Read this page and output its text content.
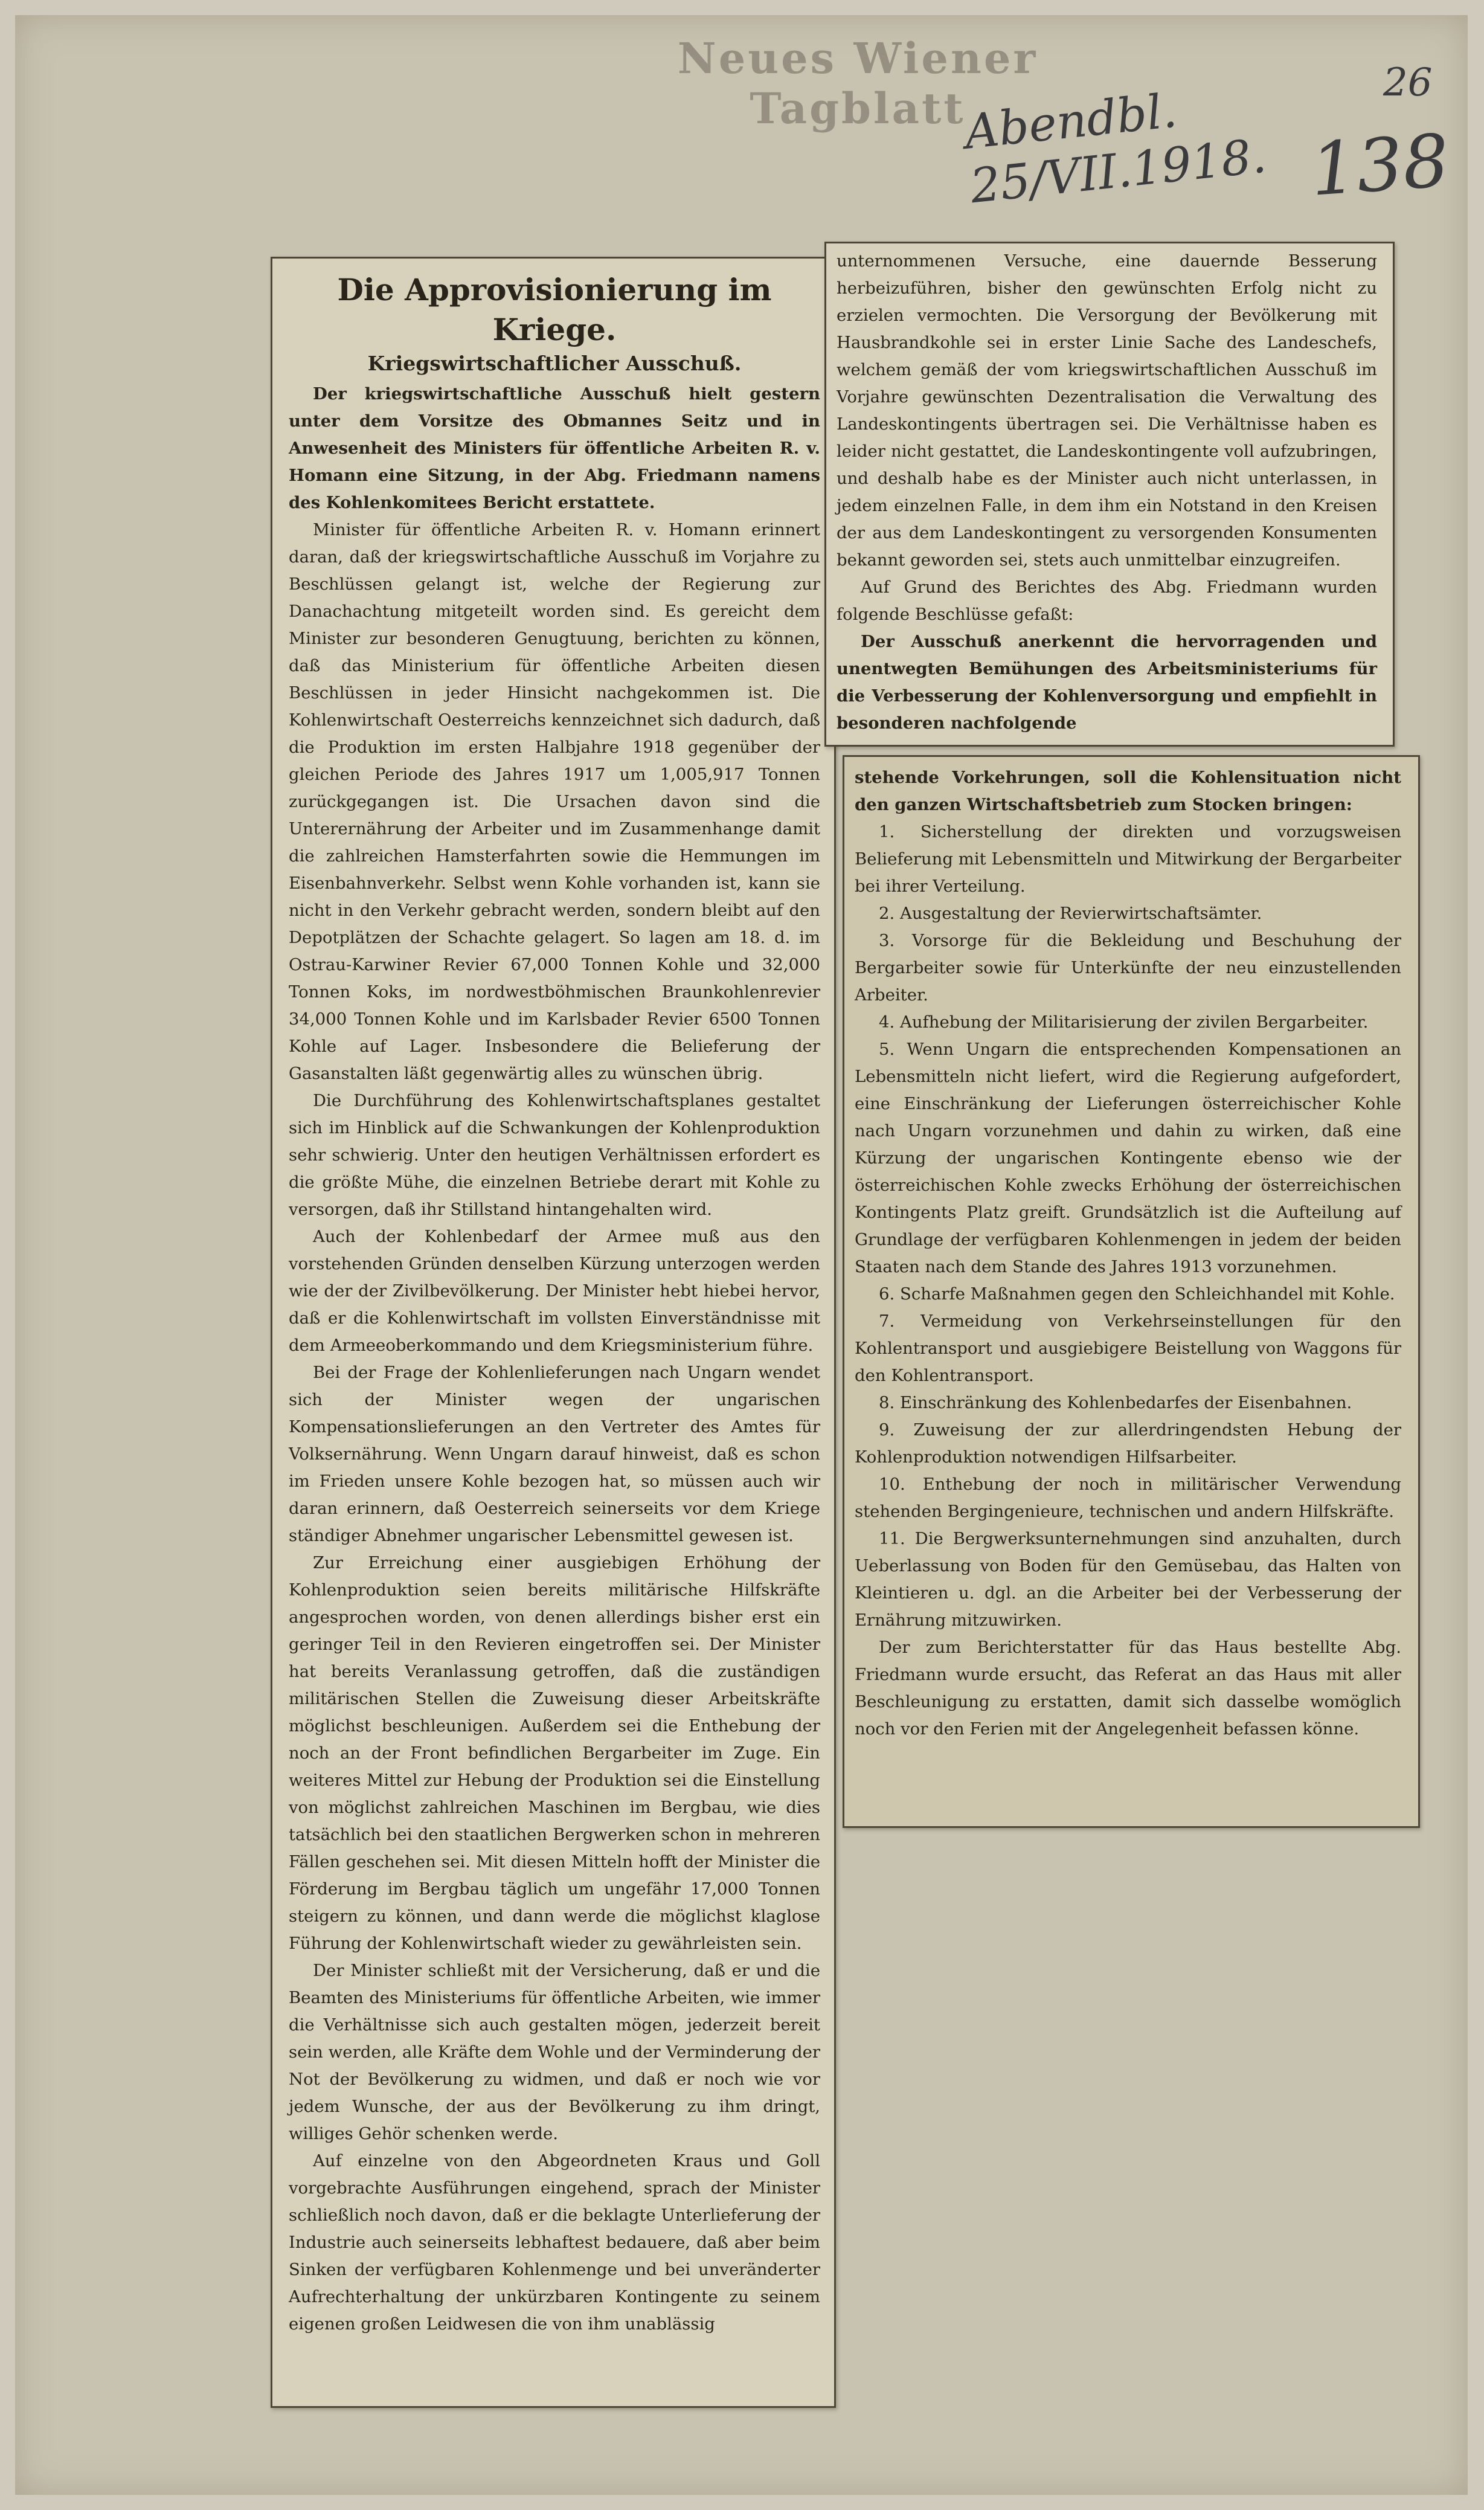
Neues Wiener Tagblatt
Abendbl. 25/VII.1918.
26
138
Die Approvisionierung im Kriege.
Kriegswirtschaftlicher Ausschuß.

Der kriegswirtschaftliche Ausschuß hielt gestern unter dem Vorsitze des Obmannes Seitz und in Anwesenheit des Ministers für öffentliche Arbeiten R. v. Homann eine Sitzung, in der Abg. Friedmann namens des Kohlenkomitees Bericht erstattete.

Minister für öffentliche Arbeiten R. v. Homann erinnert daran, daß der kriegswirtschaftliche Ausschuß im Vorjahre zu Beschlüssen gelangt ist, welche der Regierung zur Danachachtung mitgeteilt worden sind. Es gereicht dem Minister zur besonderen Genugtuung, berichten zu können, daß das Ministerium für öffentliche Arbeiten diesen Beschlüssen in jeder Hinsicht nachgekommen ist. Die Kohlenwirtschaft Oesterreichs kennzeichnet sich dadurch, daß die Produktion im ersten Halbjahre 1918 gegenüber der gleichen Periode des Jahres 1917 um 1,005,917 Tonnen zurückgegangen ist. Die Ursachen davon sind die Unterernährung der Arbeiter und im Zusammenhange damit die zahlreichen Hamsterfahrten sowie die Hemmungen im Eisenbahnverkehr. Selbst wenn Kohle vorhanden ist, kann sie nicht in den Verkehr gebracht werden, sondern bleibt auf den Depotplätzen der Schachte gelagert. So lagen am 18. d. im Ostrau-Karwiner Revier 67,000 Tonnen Kohle und 32,000 Tonnen Koks, im nordwestböhmischen Braunkohlenrevier 34,000 Tonnen Kohle und im Karlsbader Revier 6500 Tonnen Kohle auf Lager. Insbesondere die Belieferung der Gasanstalten läßt gegenwärtig alles zu wünschen übrig.

Die Durchführung des Kohlenwirtschaftsplanes gestaltet sich im Hinblick auf die Schwankungen der Kohlenproduktion sehr schwierig. Unter den heutigen Verhältnissen erfordert es die größte Mühe, die einzelnen Betriebe derart mit Kohle zu versorgen, daß ihr Stillstand hintangehalten wird.

Auch der Kohlenbedarf der Armee muß aus den vorstehenden Gründen denselben Kürzung unterzogen werden wie der der Zivilbevölkerung. Der Minister hebt hiebei hervor, daß er die Kohlenwirtschaft im vollsten Einverständnisse mit dem Armeeoberkommando und dem Kriegsministerium führe.

Bei der Frage der Kohlenlieferungen nach Ungarn wendet sich der Minister wegen der ungarischen Kompensationslieferungen an den Vertreter des Amtes für Volksernährung. Wenn Ungarn darauf hinweist, daß es schon im Frieden unsere Kohle bezogen hat, so müssen auch wir daran erinnern, daß Oesterreich seinerseits vor dem Kriege ständiger Abnehmer ungarischer Lebensmittel gewesen ist.

Zur Erreichung einer ausgiebigen Erhöhung der Kohlenproduktion seien bereits militärische Hilfskräfte angesprochen worden, von denen allerdings bisher erst ein geringer Teil in den Revieren eingetroffen sei. Der Minister hat bereits Veranlassung getroffen, daß die zuständigen militärischen Stellen die Zuweisung dieser Arbeitskräfte möglichst beschleunigen. Außerdem sei die Enthebung der noch an der Front befindlichen Bergarbeiter im Zuge. Ein weiteres Mittel zur Hebung der Produktion sei die Einstellung von möglichst zahlreichen Maschinen im Bergbau, wie dies tatsächlich bei den staatlichen Bergwerken schon in mehreren Fällen geschehen sei. Mit diesen Mitteln hofft der Minister die Förderung im Bergbau täglich um ungefähr 17,000 Tonnen steigern zu können, und dann werde die möglichst klaglose Führung der Kohlenwirtschaft wieder zu gewährleisten sein.

Der Minister schließt mit der Versicherung, daß er und die Beamten des Ministeriums für öffentliche Arbeiten, wie immer die Verhältnisse sich auch gestalten mögen, jederzeit bereit sein werden, alle Kräfte dem Wohle und der Verminderung der Not der Bevölkerung zu widmen, und daß er noch wie vor jedem Wunsche, der aus der Bevölkerung zu ihm dringt, williges Gehör schenken werde.

Auf einzelne von den Abgeordneten Kraus und Goll vorgebrachte Ausführungen eingehend, sprach der Minister schließlich noch davon, daß er die beklagte Unterlieferung der Industrie auch seinerseits lebhaftest bedauere, daß aber beim Sinken der verfügbaren Kohlenmenge und bei unveränderter Aufrechterhaltung der unkürzbaren Kontingente zu seinem eigenen großen Leidwesen die von ihm unablässig

unternommenen Versuche, eine dauernde Besserung herbeizuführen, bisher den gewünschten Erfolg nicht zu erzielen vermochten. Die Versorgung der Bevölkerung mit Hausbrandkohle sei in erster Linie Sache des Landeschefs, welchem gemäß der vom kriegswirtschaftlichen Ausschuß im Vorjahre gewünschten Dezentralisation die Verwaltung des Landeskontingents übertragen sei. Die Verhältnisse haben es leider nicht gestattet, die Landeskontingente voll aufzubringen, und deshalb habe es der Minister auch nicht unterlassen, in jedem einzelnen Falle, in dem ihm ein Notstand in den Kreisen der aus dem Landeskontingent zu versorgenden Konsumenten bekannt geworden sei, stets auch unmittelbar einzugreifen.

Auf Grund des Berichtes des Abg. Friedmann wurden folgende Beschlüsse gefaßt:

Der Ausschuß anerkennt die hervorragenden und unentwegten Bemühungen des Arbeitsministeriums für die Verbesserung der Kohlenversorgung und empfiehlt in besonderen nachfolgende

stehende Vorkehrungen, soll die Kohlensituation nicht den ganzen Wirtschaftsbetrieb zum Stocken bringen:

1. Sicherstellung der direkten und vorzugsweisen Belieferung mit Lebensmitteln und Mitwirkung der Bergarbeiter bei ihrer Verteilung.

2. Ausgestaltung der Revierwirtschaftsämter.

3. Vorsorge für die Bekleidung und Beschuhung der Bergarbeiter sowie für Unterkünfte der neu einzustellenden Arbeiter.

4. Aufhebung der Militarisierung der zivilen Bergarbeiter.

5. Wenn Ungarn die entsprechenden Kompensationen an Lebensmitteln nicht liefert, wird die Regierung aufgefordert, eine Einschränkung der Lieferungen österreichischer Kohle nach Ungarn vorzunehmen und dahin zu wirken, daß eine Kürzung der ungarischen Kontingente ebenso wie der österreichischen Kohle zwecks Erhöhung der österreichischen Kontingents Platz greift. Grundsätzlich ist die Aufteilung auf Grundlage der verfügbaren Kohlenmengen in jedem der beiden Staaten nach dem Stande des Jahres 1913 vorzunehmen.

6. Scharfe Maßnahmen gegen den Schleichhandel mit Kohle.

7. Vermeidung von Verkehrseinstellungen für den Kohlentransport und ausgiebigere Beistellung von Waggons für den Kohlentransport.

8. Einschränkung des Kohlenbedarfes der Eisenbahnen.

9. Zuweisung der zur allerdringendsten Hebung der Kohlenproduktion notwendigen Hilfsarbeiter.

10. Enthebung der noch in militärischer Verwendung stehenden Bergingenieure, technischen und andern Hilfskräfte.

11. Die Bergwerksunternehmungen sind anzuhalten, durch Ueberlassung von Boden für den Gemüsebau, das Halten von Kleintieren u. dgl. an die Arbeiter bei der Verbesserung der Ernährung mitzuwirken.

Der zum Berichterstatter für das Haus bestellte Abg. Friedmann wurde ersucht, das Referat an das Haus mit aller Beschleunigung zu erstatten, damit sich dasselbe womöglich noch vor den Ferien mit der Angelegenheit befassen könne.
